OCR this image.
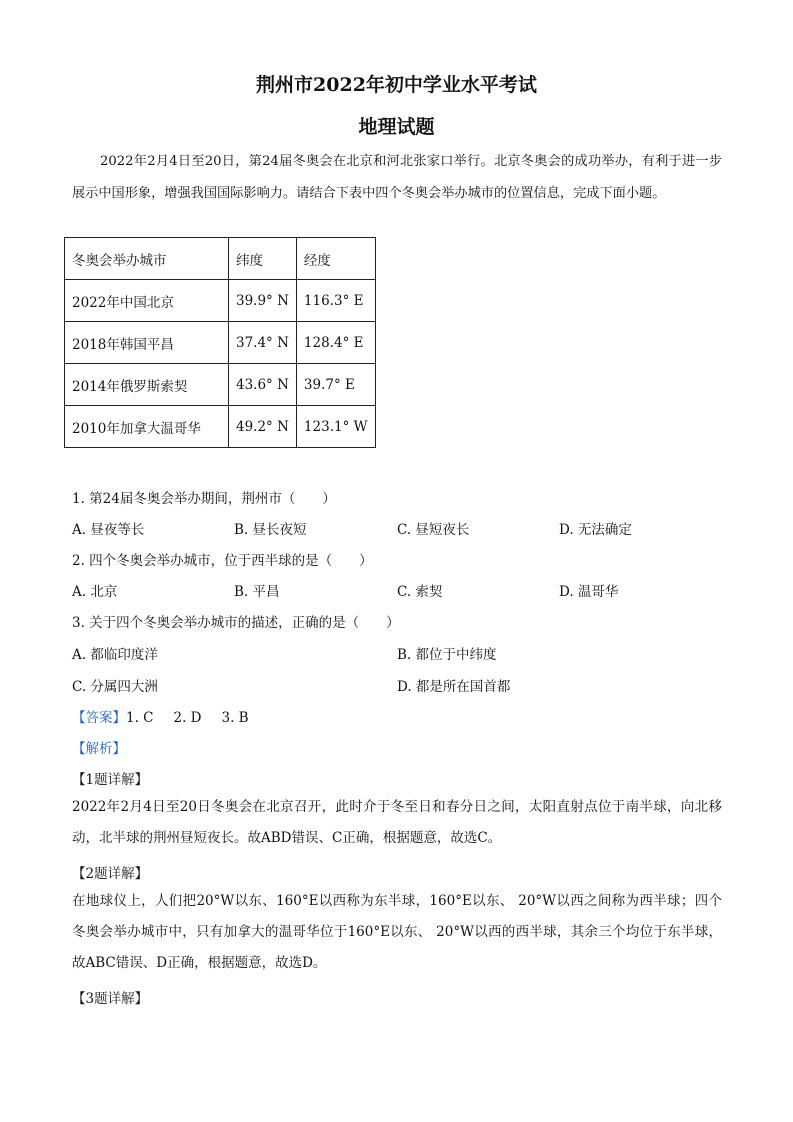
荆州市2022年初中学业水平考试
地理试题
2022年2月4日至20日，第24届冬奥会在北京和河北张家口举行。北京冬奥会的成功举办，有利于进一步展示中国形象，增强我国国际影响力。请结合下表中四个冬奥会举办城市的位置信息，完成下面小题。
冬奥会举办城市	纬度	经度
2022年中国北京	39.9° N	116.3° E
2018年韩国平昌	37.4° N	128.4° E
2014年俄罗斯索契	43.6° N	39.7° E
2010年加拿大温哥华	49.2° N	123.1° W
1. 第24届冬奥会举办期间，荆州市（　　）
A. 昼夜等长	B. 昼长夜短	C. 昼短夜长	D. 无法确定
2. 四个冬奥会举办城市，位于西半球的是（　　）
A. 北京	B. 平昌	C. 索契	D. 温哥华
3. 关于四个冬奥会举办城市的描述，正确的是（　　）
A. 都临印度洋	B. 都位于中纬度
C. 分属四大洲	D. 都是所在国首都
【答案】1. C 2. D 3. B
【解析】
【1题详解】
2022年2月4日至20日冬奥会在北京召开，此时介于冬至日和春分日之间，太阳直射点位于南半球，向北移动，北半球的荆州昼短夜长。故ABD错误、C正确，根据题意，故选C。
【2题详解】
在地球仪上，人们把20°W以东、160°E以西称为东半球，160°E以东、 20°W以西之间称为西半球；四个冬奥会举办城市中，只有加拿大的温哥华位于160°E以东、 20°W以西的西半球，其余三个均位于东半球，故ABC错误、D正确，根据题意，故选D。
【3题详解】
